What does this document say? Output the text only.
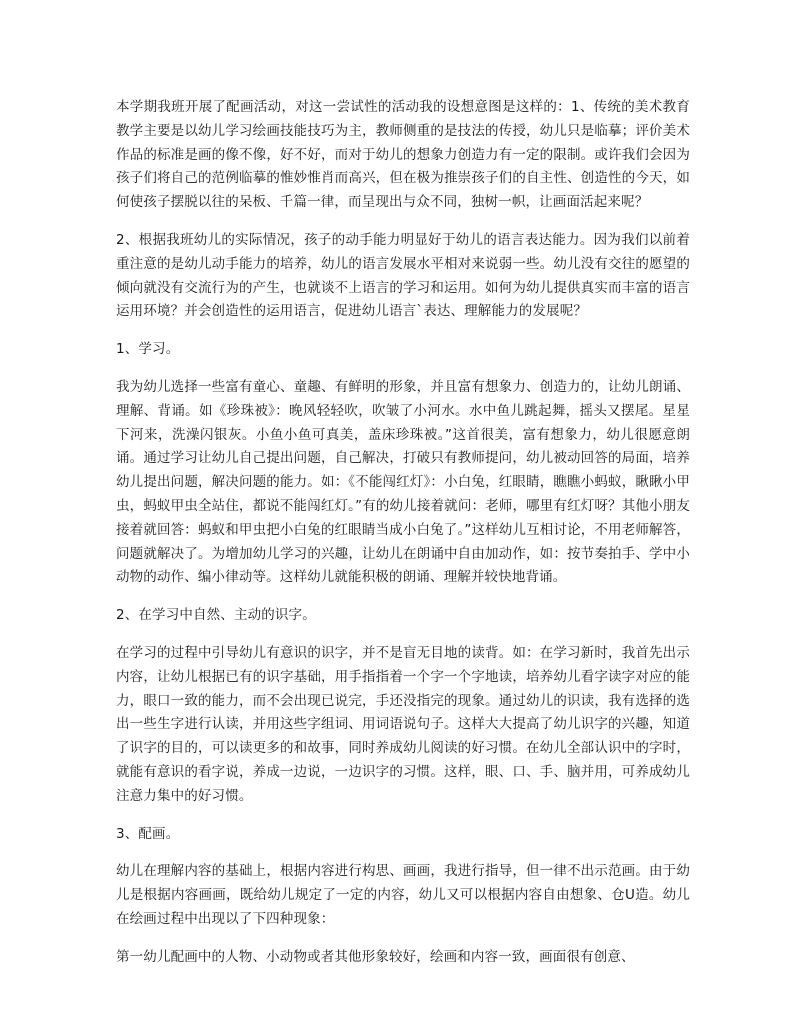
本学期我班开展了配画活动，对这一尝试性的活动我的设想意图是这样的：1、传统的美术教育教学主要是以幼儿学习绘画技能技巧为主，教师侧重的是技法的传授，幼儿只是临摹；评价美术作品的标准是画的像不像，好不好，而对于幼儿的想象力创造力有一定的限制。或许我们会因为孩子们将自己的范例临摹的惟妙惟肖而高兴，但在极为推崇孩子们的自主性、创造性的今天，如何使孩子摆脱以往的呆板、千篇一律，而呈现出与众不同，独树一帜，让画面活起来呢？

2、根据我班幼儿的实际情况，孩子的动手能力明显好于幼儿的语言表达能力。因为我们以前着重注意的是幼儿动手能力的培养，幼儿的语言发展水平相对来说弱一些。幼儿没有交往的愿望的倾向就没有交流行为的产生，也就谈不上语言的学习和运用。如何为幼儿提供真实而丰富的语言运用环境？并会创造性的运用语言，促进幼儿语言`表达、理解能力的发展呢？

1、学习。

我为幼儿选择一些富有童心、童趣、有鲜明的形象，并且富有想象力、创造力的，让幼儿朗诵、理解、背诵。如《珍珠被》：晚风轻轻吹，吹皱了小河水。水中鱼儿跳起舞，摇头又摆尾。星星下河来，洗澡闪银灰。小鱼小鱼可真美，盖床珍珠被。”这首很美，富有想象力，幼儿很愿意朗诵。通过学习让幼儿自己提出问题，自己解决，打破只有教师提问，幼儿被动回答的局面，培养幼儿提出问题，解决问题的能力。如：《不能闯红灯》：小白兔，红眼睛，瞧瞧小蚂蚁，瞅瞅小甲虫，蚂蚁甲虫全站住，都说不能闯红灯。”有的幼儿接着就问：老师，哪里有红灯呀？其他小朋友接着就回答：蚂蚁和甲虫把小白兔的红眼睛当成小白兔了。”这样幼儿互相讨论，不用老师解答，问题就解决了。为增加幼儿学习的兴趣，让幼儿在朗诵中自由加动作，如：按节奏拍手、学中小动物的动作、编小律动等。这样幼儿就能积极的朗诵、理解并较快地背诵。

2、在学习中自然、主动的识字。

在学习的过程中引导幼儿有意识的识字，并不是盲无目地的读背。如：在学习新时，我首先出示内容，让幼儿根据已有的识字基础，用手指指着一个字一个字地读，培养幼儿看字读字对应的能力，眼口一致的能力，而不会出现已说完，手还没指完的现象。通过幼儿的识读，我有选择的选出一些生字进行认读，并用这些字组词、用词语说句子。这样大大提高了幼儿识字的兴趣，知道了识字的目的，可以读更多的和故事，同时养成幼儿阅读的好习惯。在幼儿全部认识中的字时，就能有意识的看字说，养成一边说，一边识字的习惯。这样，眼、口、手、脑并用，可养成幼儿注意力集中的好习惯。

3、配画。

幼儿在理解内容的基础上，根据内容进行构思、画画，我进行指导，但一律不出示范画。由于幼儿是根据内容画画，既给幼儿规定了一定的内容，幼儿又可以根据内容自由想象、仓U造。幼儿在绘画过程中出现以了下四种现象：

第一幼儿配画中的人物、小动物或者其他形象较好，绘画和内容一致，画面很有创意、
